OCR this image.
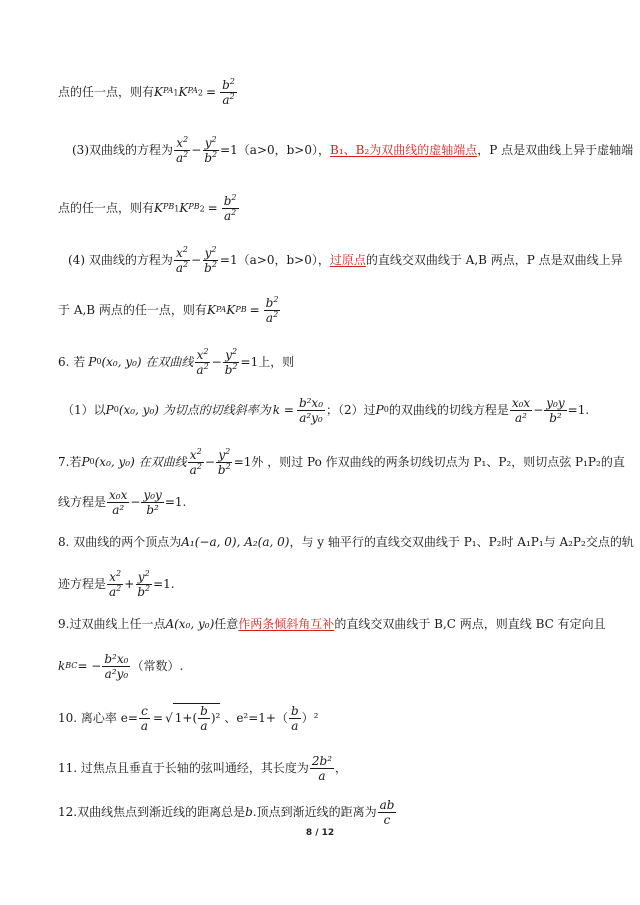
点的任一点，则有 K $PA_1$ K $PA_2 = \frac{b^2}{a^2}$
(3)双曲线的方程为 $\frac{x^2}{a^2} - \frac{y^2}{b^2} =1(a>0$，b>0）， B₁、B₂为双曲线的虚轴端点 ，P 点是双曲线上异于虚轴端
点的任一点，则有 K $PB_1$ K $PB_2 = \frac{b^2}{a^2}$
(4) 双曲线的方程为 $\frac{x^2}{a^2} - \frac{y^2}{b^2} =1(a>0$，b>0）， 过原点 的直线交双曲线于 A,B 两点，P 点是双曲线上异
于 A,B 两点的任一点，则有 K PA K PB = $\frac{b^2}{a^2}$
6. 若 P 0 (x₀, y₀) 在双曲线 $\frac{x^2}{a^2} - \frac{y^2}{b^2} =1$上，则
（1）以 P 0 (x₀, y₀) 为切点的切线斜率为 $k = \frac{\text{b²x₀}}{\text{a²y₀}}$ ；（2）过 P 0 的双曲线的切线方程是 $\frac{\text{x₀x}}{\text{a²}} - \frac{\text{y₀y}}{\text{b²}} =1$.
7.若 P 0 (x₀, y₀) 在双曲线 $\frac{x^2}{a^2} - \frac{y^2}{b^2} =1$外 ，则过 Po 作双曲线的两条切线切点为 P₁、P₂，则切点弦 P₁P₂的直
线方程是 $\frac{\text{x₀x}}{\text{a²}} - \frac{\text{y₀y}}{\text{b²}} =1$.
8. 双曲线的两个顶点为 A₁(−a, 0), A₂(a, 0) ，与 y 轴平行的直线交双曲线于 P₁、P₂时 A₁P₁与 A₂P₂交点的轨
迹方程是 $\frac{x^2}{a^2} + \frac{y^2}{b^2} =1$.
9.过双曲线上任一点 A(x₀, y₀) 任意 作两条倾斜角互补 的直线交双曲线于 B,C 两点，则直线 BC 有定向且
k BC = − $\frac{\text{b²x₀}}{\text{a²y₀}}$ （常数）.
10. 离心率 $e= \frac{c}{a}$ = √ $1+( \frac{b}{a} )^2$ 、$e^2=1+( \frac{b}{a} )^2$
11. 过焦点且垂直于长轴的弦叫通经，其长度为 $\frac{\text{2b²}}{a}$ ，
12.双曲线焦点到渐近线的距离总是 b .顶点到渐近线的距离为 $\frac{ab}{c}$
8 / 12
